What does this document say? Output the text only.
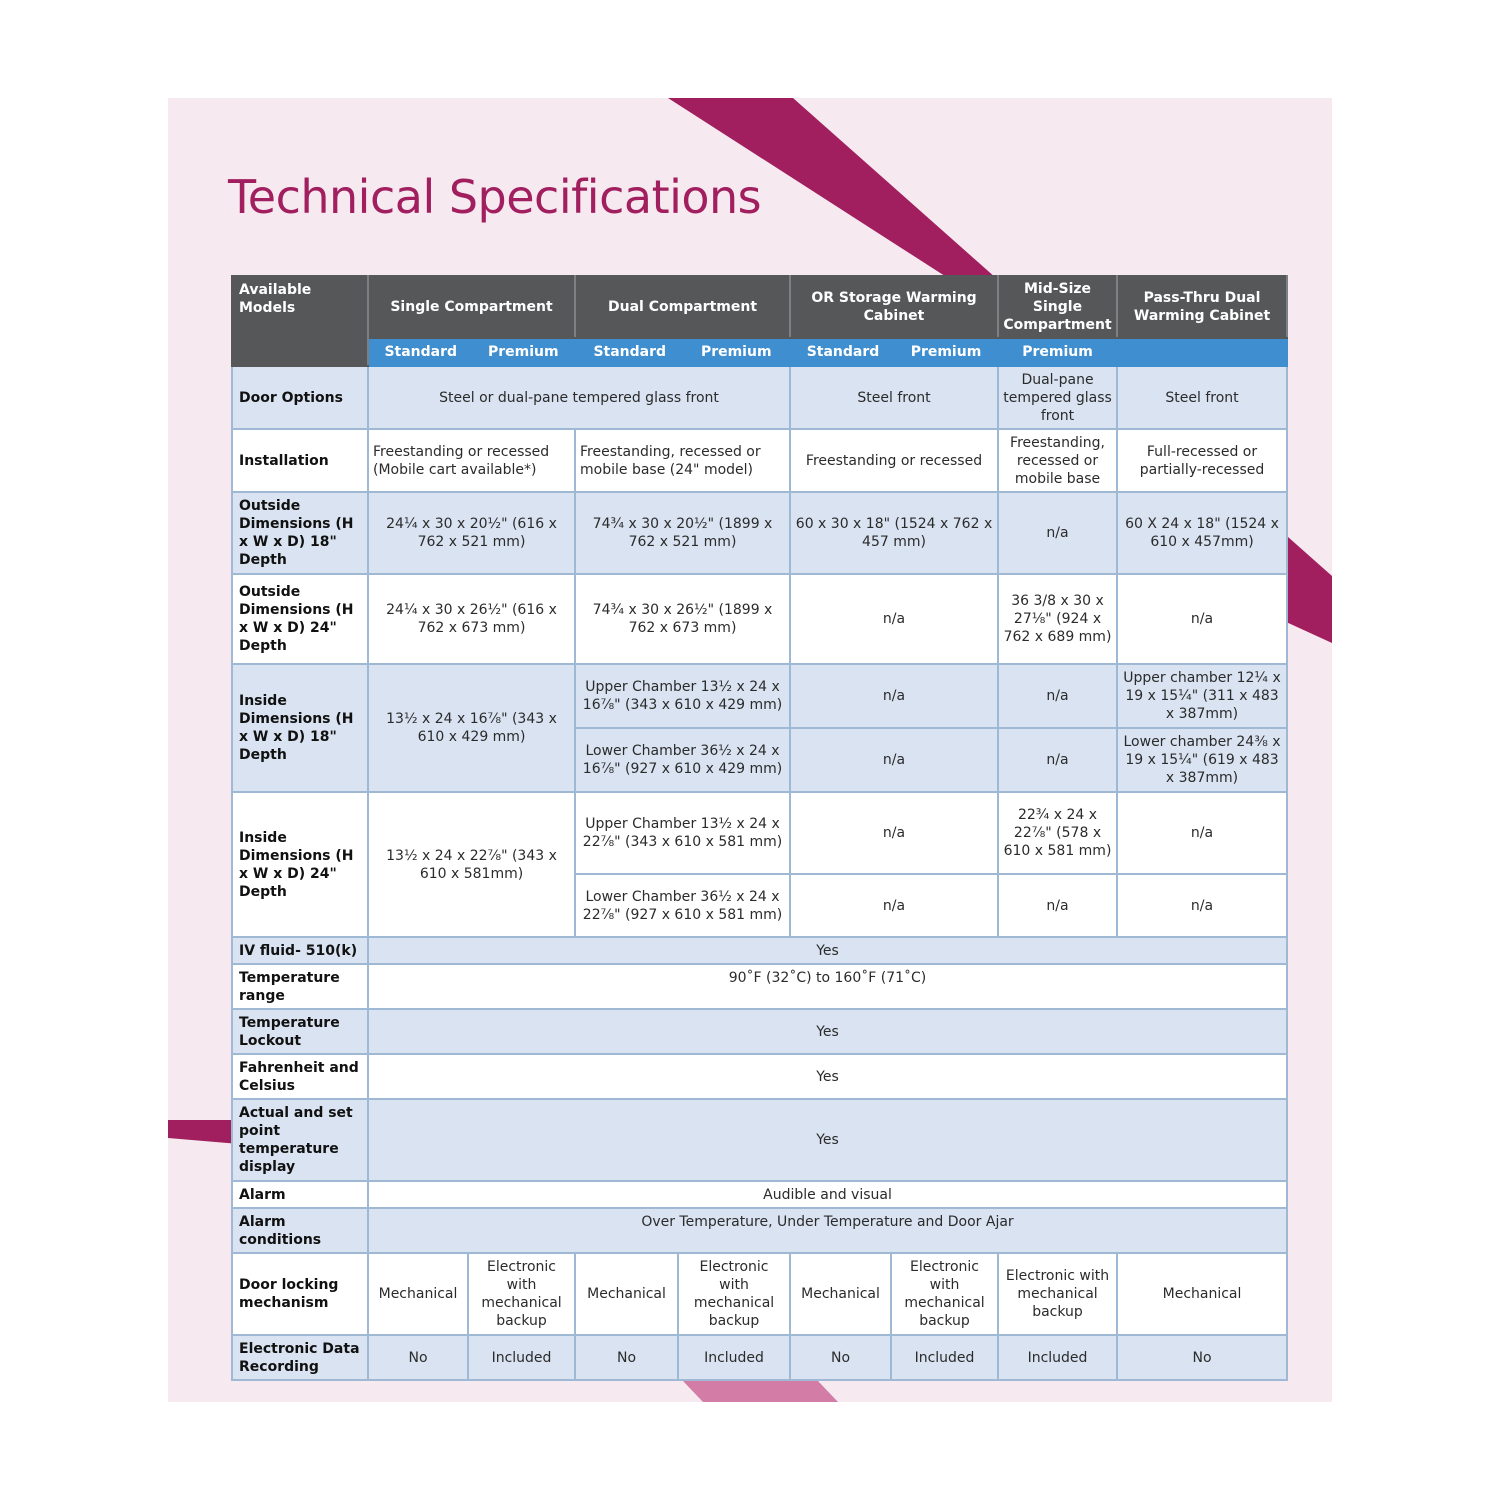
Technical Specifications
Available Models	Single Compartment		Dual Compartment		OR Storage Warming Cabinet		Mid-Size Single Compartment	Pass-Thru Dual Warming Cabinet

	Standard Premium		Standard Premium		Standard Premium		Premium	
Door Options	Steel or dual-pane tempered glass front				Steel front		Dual-pane tempered glass front	Steel front
Installation	Freestanding or recessed (Mobile cart available*)		Freestanding, recessed or mobile base (24" model)		Freestanding or recessed		Freestanding, recessed or mobile base	Full-recessed or partially-recessed
Outside Dimensions (H x W x D) 18" Depth	24¼ x 30 x 20½" (616 x 762 x 521 mm)		74¾ x 30 x 20½" (1899 x 762 x 521 mm)		60 x 30 x 18" (1524 x 762 x 457 mm)		n/a	60 X 24 x 18" (1524 x 610 x 457mm)
Outside Dimensions (H x W x D) 24" Depth	24¼ x 30 x 26½" (616 x 762 x 673 mm)		74¾ x 30 x 26½" (1899 x 762 x 673 mm)		n/a		36 3/8 x 30 x 27⅛" (924 x 762 x 689 mm)	n/a
Inside Dimensions (H x W x D) 18" Depth	13½ x 24 x 16⅞" (343 x 610 x 429 mm)		Upper Chamber 13½ x 24 x 16⅞" (343 x 610 x 429 mm)		n/a		n/a	Upper chamber 12¼ x 19 x 15¼" (311 x 483 x 387mm)
			Lower Chamber 36½ x 24 x 16⅞" (927 x 610 x 429 mm)		n/a		n/a	Lower chamber 24⅜ x 19 x 15¼" (619 x 483 x 387mm)
Inside Dimensions (H x W x D) 24" Depth	13½ x 24 x 22⅞" (343 x 610 x 581mm)		Upper Chamber 13½ x 24 x 22⅞" (343 x 610 x 581 mm)		n/a		22¾ x 24 x 22⅞" (578 x 610 x 581 mm)	n/a
			Lower Chamber 36½ x 24 x 22⅞" (927 x 610 x 581 mm)		n/a		n/a	n/a
IV fluid- 510(k)	Yes							
Temperature range	90˚F (32˚C) to 160˚F (71˚C)							
Temperature Lockout	Yes							
Fahrenheit and Celsius	Yes							
Actual and set point temperature display	Yes							
Alarm	Audible and visual							
Alarm conditions	Over Temperature, Under Temperature and Door Ajar							
Door locking mechanism	Mechanical	Electronic with mechanical backup	Mechanical	Electronic with mechanical backup	Mechanical	Electronic with mechanical backup	Electronic with mechanical backup	Mechanical
Electronic Data Recording	No	Included	No	Included	No	Included	Included	No
